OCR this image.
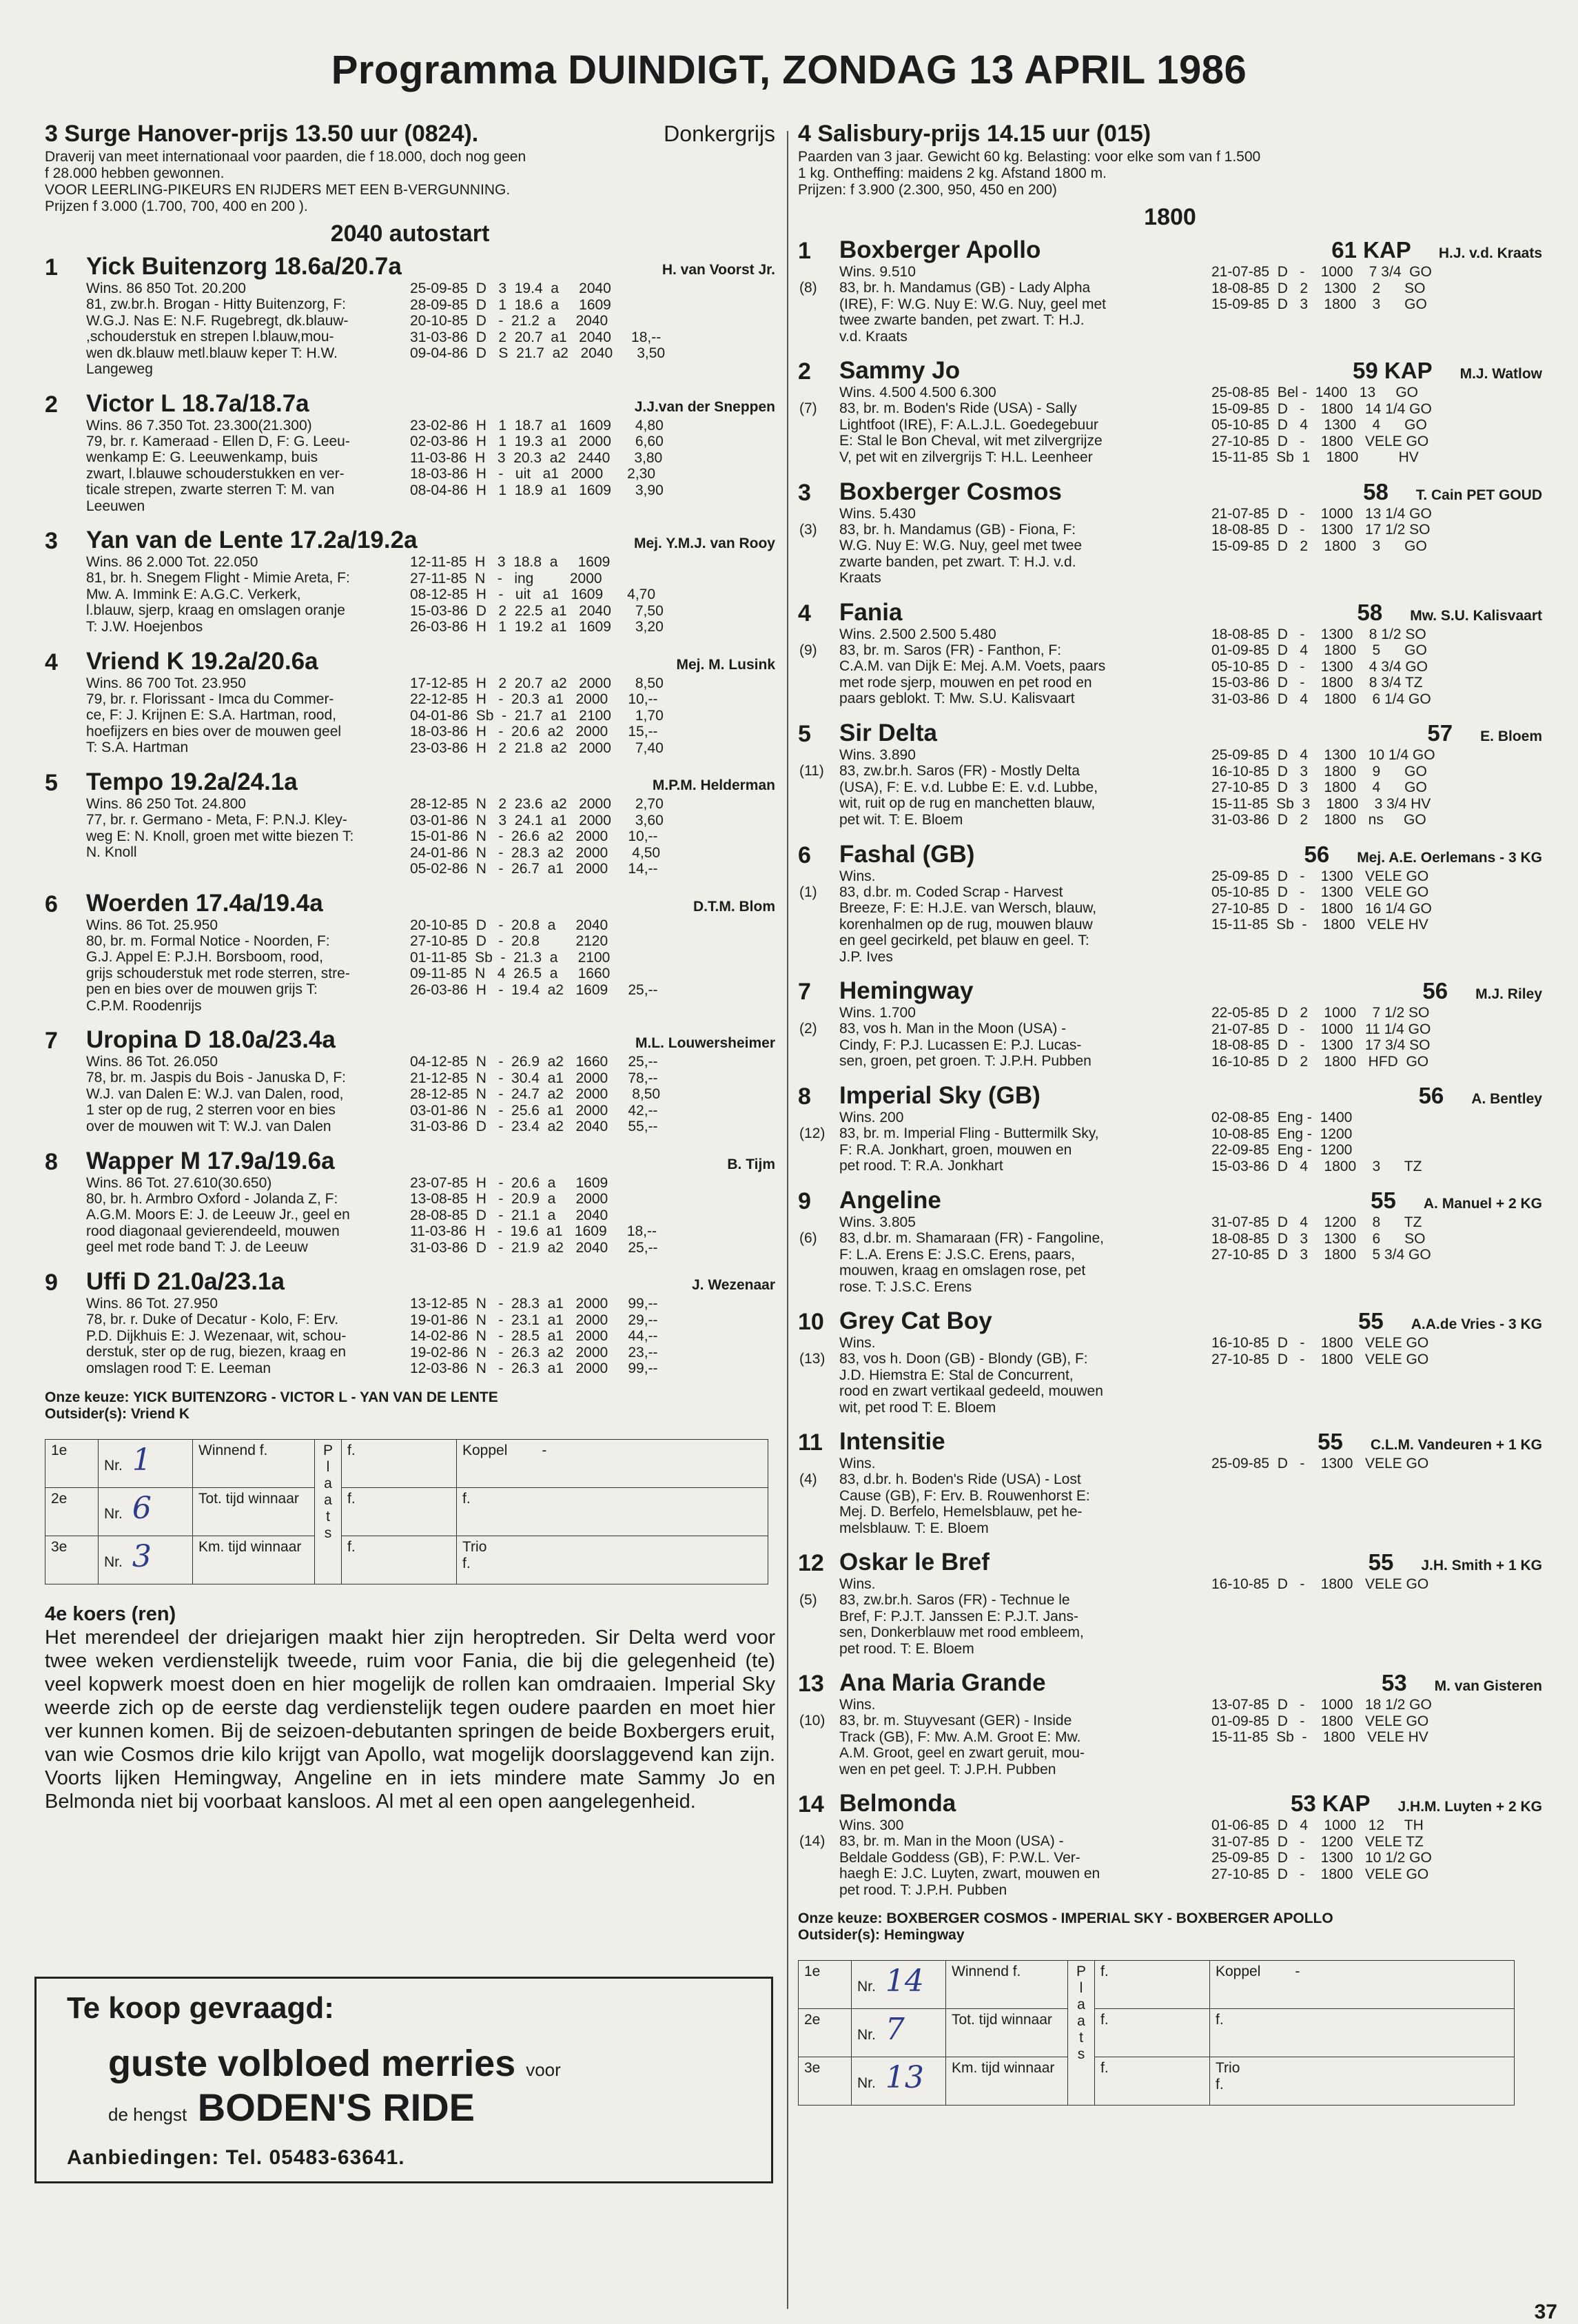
Programma DUINDIGT, ZONDAG 13 APRIL 1986
3 Surge Hanover-prijs 13.50 uur (0824).	Donkergrijs
Draverij van meet internationaal voor paarden, die f 18.000, doch nog geen
f 28.000 hebben gewonnen.
VOOR LEERLING-PIKEURS EN RIJDERS MET EEN B-VERGUNNING.
Prijzen f 3.000 (1.700, 700, 400 en 200 ).
2040 autostart
1	Yick Buitenzorg 18.6a/20.7a	H. van Voorst Jr.
Wins. 86 850 Tot. 20.200
81, zw.br.h. Brogan - Hitty Buitenzorg, F:
W.G.J. Nas E: N.F. Rugebregt, dk.blauw-
,schouderstuk en strepen l.blauw,mou-
wen dk.blauw metl.blauw keper T: H.W.
Langeweg
25-09-85  D   3  19.4  a     2040
28-09-85  D   1  18.6  a     1609
20-10-85  D   -  21.2  a     2040
31-03-86  D   2  20.7  a1   2040     18,--
09-04-86  D   S  21.7  a2   2040      3,50
2	Victor L 18.7a/18.7a	J.J.van der Sneppen
Wins. 86 7.350 Tot. 23.300(21.300)
79, br. r. Kameraad - Ellen D, F: G. Leeu-
wenkamp E: G. Leeuwenkamp, buis
zwart, l.blauwe schouderstukken en ver-
ticale strepen, zwarte sterren T: M. van
Leeuwen
23-02-86  H   1  18.7  a1   1609      4,80
02-03-86  H   1  19.3  a1   2000      6,60
11-03-86  H   3  20.3  a2   2440      3,80
18-03-86  H   -   uit   a1   2000      2,30
08-04-86  H   1  18.9  a1   1609      3,90
3	Yan van de Lente 17.2a/19.2a	Mej. Y.M.J. van Rooy
Wins. 86 2.000 Tot. 22.050
81, br. h. Snegem Flight - Mimie Areta, F:
Mw. A. Immink E: A.G.C. Verkerk,
l.blauw, sjerp, kraag en omslagen oranje
T: J.W. Hoejenbos
12-11-85  H   3  18.8  a     1609
27-11-85  N   -   ing         2000
08-12-85  H   -   uit   a1   1609      4,70
15-03-86  D   2  22.5  a1   2040      7,50
26-03-86  H   1  19.2  a1   1609      3,20
4	Vriend K 19.2a/20.6a	Mej. M. Lusink
Wins. 86 700 Tot. 23.950
79, br. r. Florissant - Imca du Commer-
ce, F: J. Krijnen E: S.A. Hartman, rood,
hoefijzers en bies over de mouwen geel
T: S.A. Hartman
17-12-85  H   2  20.7  a2   2000      8,50
22-12-85  H   -  20.3  a1   2000     10,--
04-01-86  Sb  -  21.7  a1   2100      1,70
18-03-86  H   -  20.6  a2   2000     15,--
23-03-86  H   2  21.8  a2   2000      7,40
5	Tempo 19.2a/24.1a	M.P.M. Helderman
Wins. 86 250 Tot. 24.800
77, br. r. Germano - Meta, F: P.N.J. Kley-
weg E: N. Knoll, groen met witte biezen T:
N. Knoll
28-12-85  N   2  23.6  a2   2000      2,70
03-01-86  N   3  24.1  a1   2000      3,60
15-01-86  N   -  26.6  a2   2000     10,--
24-01-86  N   -  28.3  a2   2000      4,50
05-02-86  N   -  26.7  a1   2000     14,--
6	Woerden 17.4a/19.4a	D.T.M. Blom
Wins. 86 Tot. 25.950
80, br. m. Formal Notice - Noorden, F:
G.J. Appel E: P.J.H. Borsboom, rood,
grijs schouderstuk met rode sterren, stre-
pen en bies over de mouwen grijs T:
C.P.M. Roodenrijs
20-10-85  D   -  20.8  a     2040
27-10-85  D   -  20.8         2120
01-11-85  Sb  -  21.3  a     2100
09-11-85  N   4  26.5  a     1660
26-03-86  H   -  19.4  a2   1609     25,--
7	Uropina D 18.0a/23.4a	M.L. Louwersheimer
Wins. 86 Tot. 26.050
78, br. m. Jaspis du Bois - Januska D, F:
W.J. van Dalen E: W.J. van Dalen, rood,
1 ster op de rug, 2 sterren voor en bies
over de mouwen wit T: W.J. van Dalen
04-12-85  N   -  26.9  a2   1660     25,--
21-12-85  N   -  30.4  a1   2000     78,--
28-12-85  N   -  24.7  a2   2000      8,50
03-01-86  N   -  25.6  a1   2000     42,--
31-03-86  D   -  23.4  a2   2040     55,--
8	Wapper M 17.9a/19.6a	B. Tijm
Wins. 86 Tot. 27.610(30.650)
80, br. h. Armbro Oxford - Jolanda Z, F:
A.G.M. Moors E: J. de Leeuw Jr., geel en
rood diagonaal gevierendeeld, mouwen
geel met rode band T: J. de Leeuw
23-07-85  H   -  20.6  a     1609
13-08-85  H   -  20.9  a     2000
28-08-85  D   -  21.1  a     2040
11-03-86  H   -  19.6  a1   1609     18,--
31-03-86  D   -  21.9  a2   2040     25,--
9	Uffi D 21.0a/23.1a	J. Wezenaar
Wins. 86 Tot. 27.950
78, br. r. Duke of Decatur - Kolo, F: Erv.
P.D. Dijkhuis E: J. Wezenaar, wit, schou-
derstuk, ster op de rug, biezen, kraag en
omslagen rood T: E. Leeman
13-12-85  N   -  28.3  a1   2000     99,--
19-01-86  N   -  23.1  a1   2000     29,--
14-02-86  N   -  28.5  a1   2000     44,--
19-02-86  N   -  26.3  a2   2000     23,--
12-03-86  N   -  26.3  a1   2000     99,--
Onze keuze: YICK BUITENZORG - VICTOR L - YAN VAN DE LENTE
Outsider(s): Vriend K
1e	Nr. 1	Winnend f.	P l a a t s	f.	Koppel -
2e	Nr. 6	Tot. tijd winnaar		f.	f.
3e	Nr. 3	Km. tijd winnaar		f.	Trio
f.
4e koers (ren)
Het merendeel der driejarigen maakt hier zijn heroptreden. Sir Delta werd voor twee weken verdienstelijk tweede, ruim voor Fania, die bij die gelegenheid (te) veel kopwerk moest doen en hier mogelijk de rollen kan omdraaien. Imperial Sky weerde zich op de eerste dag verdienstelijk tegen oudere paarden en moet hier ver kunnen komen. Bij de seizoen-debutanten springen de beide Boxbergers eruit, van wie Cosmos drie kilo krijgt van Apollo, wat mogelijk doorslaggevend kan zijn. Voorts lijken Hemingway, Angeline en in iets mindere mate Sammy Jo en Belmonda niet bij voorbaat kansloos. Al met al een open aangelegenheid.
Te koop gevraagd:
guste volbloed merries voor
de hengst BODEN'S RIDE
Aanbiedingen: Tel. 05483-63641.
4 Salisbury-prijs 14.15 uur (015)
Paarden van 3 jaar. Gewicht 60 kg. Belasting: voor elke som van f 1.500
1 kg. Ontheffing: maidens 2 kg. Afstand 1800 m.
Prijzen: f 3.900 (2.300, 950, 450 en 200)
1800
1	Boxberger Apollo	61 KAP H.J. v.d. Kraats
Wins. 9.510
(8) 83, br. h. Mandamus (GB) - Lady Alpha
(IRE), F: W.G. Nuy E: W.G. Nuy, geel met
twee zwarte banden, pet zwart. T: H.J.
v.d. Kraats
21-07-85  D   -    1000    7 3/4  GO
18-08-85  D   2    1300    2      SO
15-09-85  D   3    1800    3      GO
2	Sammy Jo	59 KAP M.J. Watlow
Wins. 4.500 4.500 6.300
(7) 83, br. m. Boden's Ride (USA) - Sally
Lightfoot (IRE), F: A.L.J.L. Goedegebuur
E: Stal le Bon Cheval, wit met zilvergrijze
V, pet wit en zilvergrijs T: H.L. Leenheer
25-08-85  Bel -  1400   13     GO
15-09-85  D   -    1800   14 1/4 GO
05-10-85  D   4    1300    4      GO
27-10-85  D   -    1800   VELE GO
15-11-85  Sb  1    1800          HV
3	Boxberger Cosmos	58 T. Cain PET GOUD
Wins. 5.430
(3) 83, br. h. Mandamus (GB) - Fiona, F:
W.G. Nuy E: W.G. Nuy, geel met twee
zwarte banden, pet zwart. T: H.J. v.d.
Kraats
21-07-85  D   -    1000   13 1/4 GO
18-08-85  D   -    1300   17 1/2 SO
15-09-85  D   2    1800    3      GO
4	Fania	58 Mw. S.U. Kalisvaart
Wins. 2.500 2.500 5.480
(9) 83, br. m. Saros (FR) - Fanthon, F:
C.A.M. van Dijk E: Mej. A.M. Voets, paars
met rode sjerp, mouwen en pet rood en
paars geblokt. T: Mw. S.U. Kalisvaart
18-08-85  D   -    1300    8 1/2 SO
01-09-85  D   4    1800    5      GO
05-10-85  D   -    1300    4 3/4 GO
15-03-86  D   -    1800    8 3/4 TZ
31-03-86  D   4    1800    6 1/4 GO
5	Sir Delta	57 E. Bloem
Wins. 3.890
(11) 83, zw.br.h. Saros (FR) - Mostly Delta
(USA), F: E. v.d. Lubbe E: E. v.d. Lubbe,
wit, ruit op de rug en manchetten blauw,
pet wit. T: E. Bloem
25-09-85  D   4    1300   10 1/4 GO
16-10-85  D   3    1800    9      GO
27-10-85  D   3    1800    4      GO
15-11-85  Sb  3    1800    3 3/4 HV
31-03-86  D   2    1800   ns     GO
6	Fashal (GB)	56 Mej. A.E. Oerlemans - 3 KG
Wins.
(1) 83, d.br. m. Coded Scrap - Harvest
Breeze, F: E: H.J.E. van Wersch, blauw,
korenhalmen op de rug, mouwen blauw
en geel gecirkeld, pet blauw en geel. T:
J.P. Ives
25-09-85  D   -    1300   VELE GO
05-10-85  D   -    1300   VELE GO
27-10-85  D   -    1800   16 1/4 GO
15-11-85  Sb  -    1800   VELE HV
7	Hemingway	56 M.J. Riley
Wins. 1.700
(2) 83, vos h. Man in the Moon (USA) -
Cindy, F: P.J. Lucassen E: P.J. Lucas-
sen, groen, pet groen. T: J.P.H. Pubben
22-05-85  D   2    1000    7 1/2 SO
21-07-85  D   -    1000   11 1/4 GO
18-08-85  D   -    1300   17 3/4 SO
16-10-85  D   2    1800   HFD  GO
8	Imperial Sky (GB)	56 A. Bentley
Wins. 200
(12) 83, br. m. Imperial Fling - Buttermilk Sky,
F: R.A. Jonkhart, groen, mouwen en
pet rood. T: R.A. Jonkhart
02-08-85  Eng -  1400
10-08-85  Eng -  1200
22-09-85  Eng -  1200
15-03-86  D   4    1800    3      TZ
9	Angeline	55 A. Manuel + 2 KG
Wins. 3.805
(6) 83, d.br. m. Shamaraan (FR) - Fangoline,
F: L.A. Erens E: J.S.C. Erens, paars,
mouwen, kraag en omslagen rose, pet
rose. T: J.S.C. Erens
31-07-85  D   4    1200    8      TZ
18-08-85  D   3    1300    6      SO
27-10-85  D   3    1800    5 3/4 GO
10 Grey Cat Boy	55 A.A.de Vries - 3 KG
Wins.
(13) 83, vos h. Doon (GB) - Blondy (GB), F:
J.D. Hiemstra E: Stal de Concurrent,
rood en zwart vertikaal gedeeld, mouwen
wit, pet rood T: E. Bloem
16-10-85  D   -    1800   VELE GO
27-10-85  D   -    1800   VELE GO
11 Intensitie	55 C.L.M. Vandeuren + 1 KG
Wins.
(4) 83, d.br. h. Boden's Ride (USA) - Lost
Cause (GB), F: Erv. B. Rouwenhorst E:
Mej. D. Berfelo, Hemelsblauw, pet he-
melsblauw. T: E. Bloem
25-09-85  D   -    1300   VELE GO
12 Oskar le Bref	55 J.H. Smith + 1 KG
Wins.
(5) 83, zw.br.h. Saros (FR) - Technue le
Bref, F: P.J.T. Janssen E: P.J.T. Jans-
sen, Donkerblauw met rood embleem,
pet rood. T: E. Bloem
16-10-85  D   -    1800   VELE GO
13 Ana Maria Grande	53 M. van Gisteren
Wins.
(10) 83, br. m. Stuyvesant (GER) - Inside
Track (GB), F: Mw. A.M. Groot E: Mw.
A.M. Groot, geel en zwart geruit, mou-
wen en pet geel. T: J.P.H. Pubben
13-07-85  D   -    1000   18 1/2 GO
01-09-85  D   -    1800   VELE GO
15-11-85  Sb  -    1800   VELE HV
14 Belmonda	53 KAP J.H.M. Luyten + 2 KG
Wins. 300
(14) 83, br. m. Man in the Moon (USA) -
Beldale Goddess (GB), F: P.W.L. Ver-
haegh E: J.C. Luyten, zwart, mouwen en
pet rood. T: J.P.H. Pubben
01-06-85  D   4    1000   12     TH
31-07-85  D   -    1200   VELE TZ
25-09-85  D   -    1300   10 1/2 GO
27-10-85  D   -    1800   VELE GO
Onze keuze: BOXBERGER COSMOS - IMPERIAL SKY - BOXBERGER APOLLO
Outsider(s): Hemingway
1e	Nr. 14	Winnend f.	P l a a t s	f.	Koppel -
2e	Nr. 7	Tot. tijd winnaar		f.	f.
3e	Nr. 13	Km. tijd winnaar		f.	Trio
f.
37
